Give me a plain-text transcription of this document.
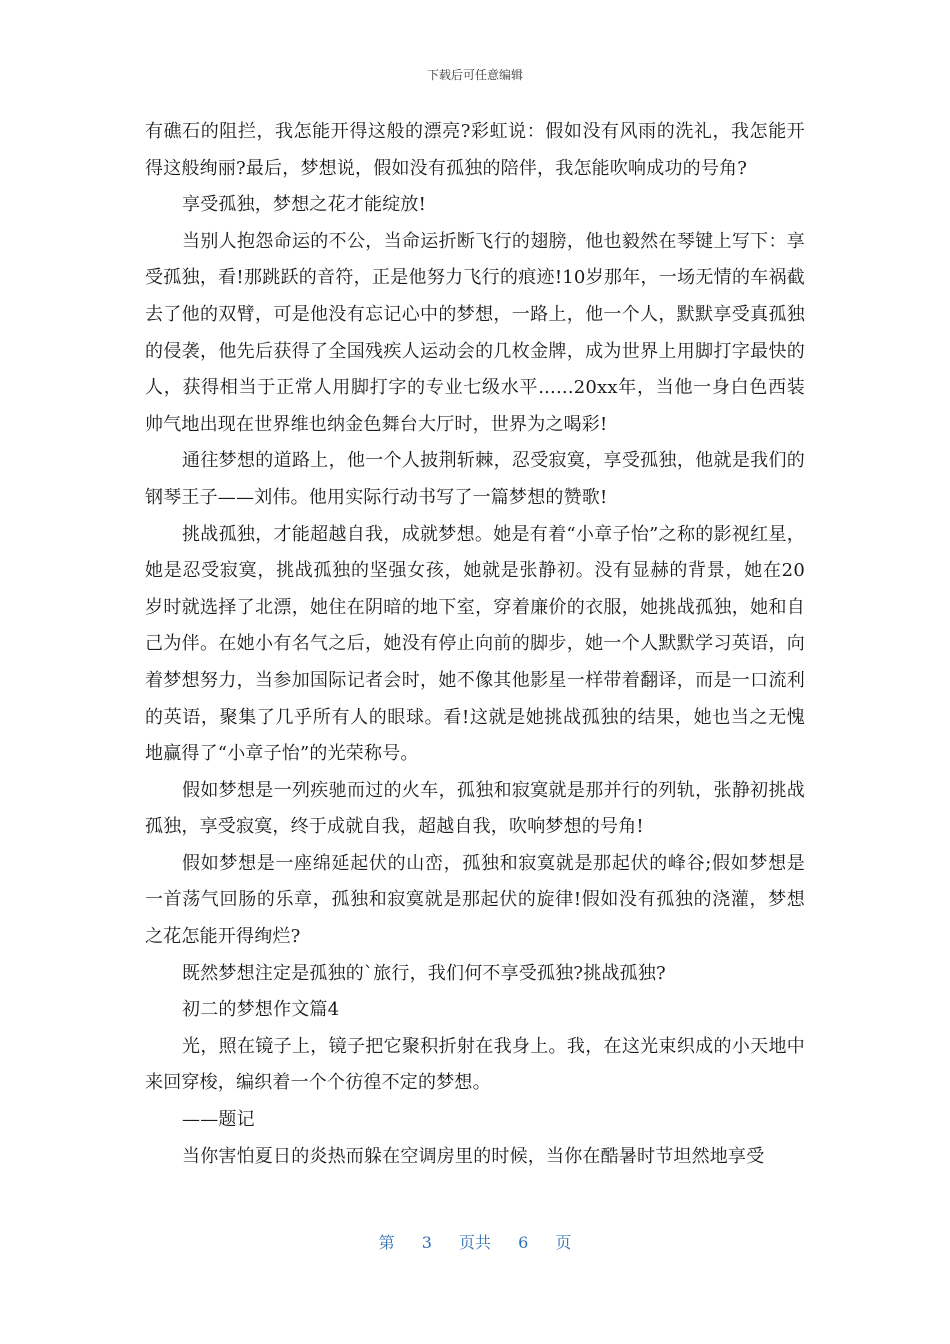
下载后可任意编辑

有礁石的阻拦，我怎能开得这般的漂亮?彩虹说：假如没有风雨的洗礼，我怎能开得这般绚丽?最后，梦想说，假如没有孤独的陪伴，我怎能吹响成功的号角?

享受孤独，梦想之花才能绽放!

当别人抱怨命运的不公，当命运折断飞行的翅膀，他也毅然在琴键上写下：享受孤独，看!那跳跃的音符，正是他努力飞行的痕迹!10岁那年，一场无情的车祸截去了他的双臂，可是他没有忘记心中的梦想，一路上，他一个人，默默享受真孤独的侵袭，他先后获得了全国残疾人运动会的几枚金牌，成为世界上用脚打字最快的人，获得相当于正常人用脚打字的专业七级水平......20xx年，当他一身白色西装帅气地出现在世界维也纳金色舞台大厅时，世界为之喝彩!

通往梦想的道路上，他一个人披荆斩棘，忍受寂寞，享受孤独，他就是我们的钢琴王子——刘伟。他用实际行动书写了一篇梦想的赞歌!

挑战孤独，才能超越自我，成就梦想。她是有着“小章子怡”之称的影视红星，她是忍受寂寞，挑战孤独的坚强女孩，她就是张静初。没有显赫的背景，她在20岁时就选择了北漂，她住在阴暗的地下室，穿着廉价的衣服，她挑战孤独，她和自己为伴。在她小有名气之后，她没有停止向前的脚步，她一个人默默学习英语，向着梦想努力，当参加国际记者会时，她不像其他影星一样带着翻译，而是一口流利的英语，聚集了几乎所有人的眼球。看!这就是她挑战孤独的结果，她也当之无愧地赢得了“小章子怡”的光荣称号。

假如梦想是一列疾驰而过的火车，孤独和寂寞就是那并行的列轨，张静初挑战孤独，享受寂寞，终于成就自我，超越自我，吹响梦想的号角!

假如梦想是一座绵延起伏的山峦，孤独和寂寞就是那起伏的峰谷;假如梦想是一首荡气回肠的乐章，孤独和寂寞就是那起伏的旋律!假如没有孤独的浇灌，梦想之花怎能开得绚烂?

既然梦想注定是孤独的`旅行，我们何不享受孤独?挑战孤独?

初二的梦想作文篇4

光，照在镜子上，镜子把它聚积折射在我身上。我，在这光束织成的小天地中来回穿梭，编织着一个个彷徨不定的梦想。

——题记

当你害怕夏日的炎热而躲在空调房里的时候，当你在酷暑时节坦然地享受

第 3 页共 6 页
